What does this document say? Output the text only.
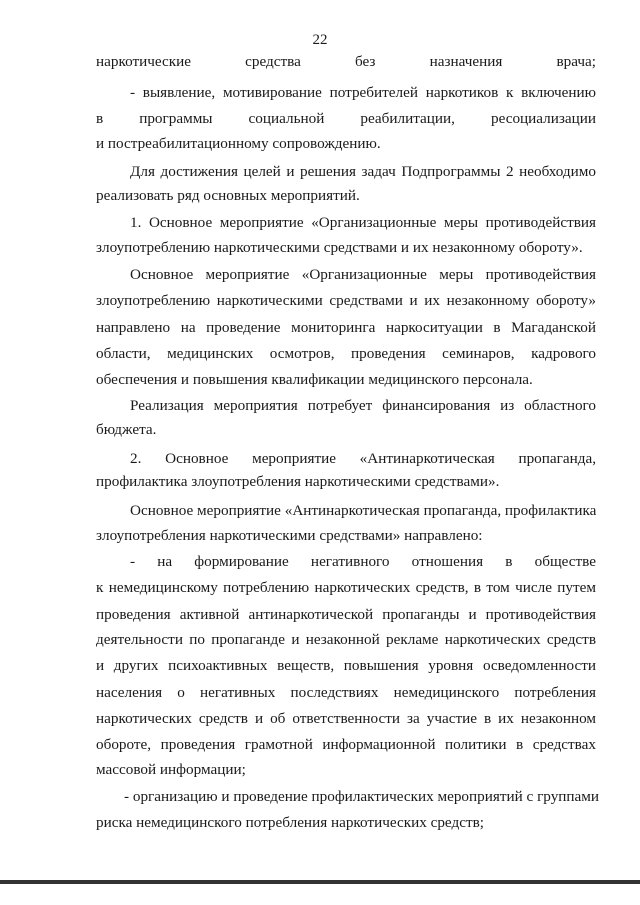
22
наркотические средства без назначения врача;
- выявление, мотивирование потребителей наркотиков к включению
в программы социальной реабилитации, ресоциализации
и постреабилитационному сопровождению.
Для достижения целей и решения задач Подпрограммы 2 необходимо
реализовать ряд основных мероприятий.
1. Основное мероприятие «Организационные меры противодействия
злоупотреблению наркотическими средствами и их незаконному обороту».
Основное мероприятие «Организационные меры противодействия
злоупотреблению наркотическими средствами и их незаконному обороту»
направлено на проведение мониторинга наркоситуации в Магаданской
области, медицинских осмотров, проведения семинаров, кадрового
обеспечения и повышения квалификации медицинского персонала.
Реализация мероприятия потребует финансирования из областного
бюджета.
2. Основное мероприятие «Антинаркотическая пропаганда,
профилактика злоупотребления наркотическими средствами».
Основное мероприятие «Антинаркотическая пропаганда, профилактика
злоупотребления наркотическими средствами» направлено:
- на формирование негативного отношения в обществе
к немедицинскому потреблению наркотических средств, в том числе путем
проведения активной антинаркотической пропаганды и противодействия
деятельности по пропаганде и незаконной рекламе наркотических средств
и других психоактивных веществ, повышения уровня осведомленности
населения о негативных последствиях немедицинского потребления
наркотических средств и об ответственности за участие в их незаконном
обороте, проведения грамотной информационной политики в средствах
массовой информации;
- организацию и проведение профилактических мероприятий с группами
риска немедицинского потребления наркотических средств;
